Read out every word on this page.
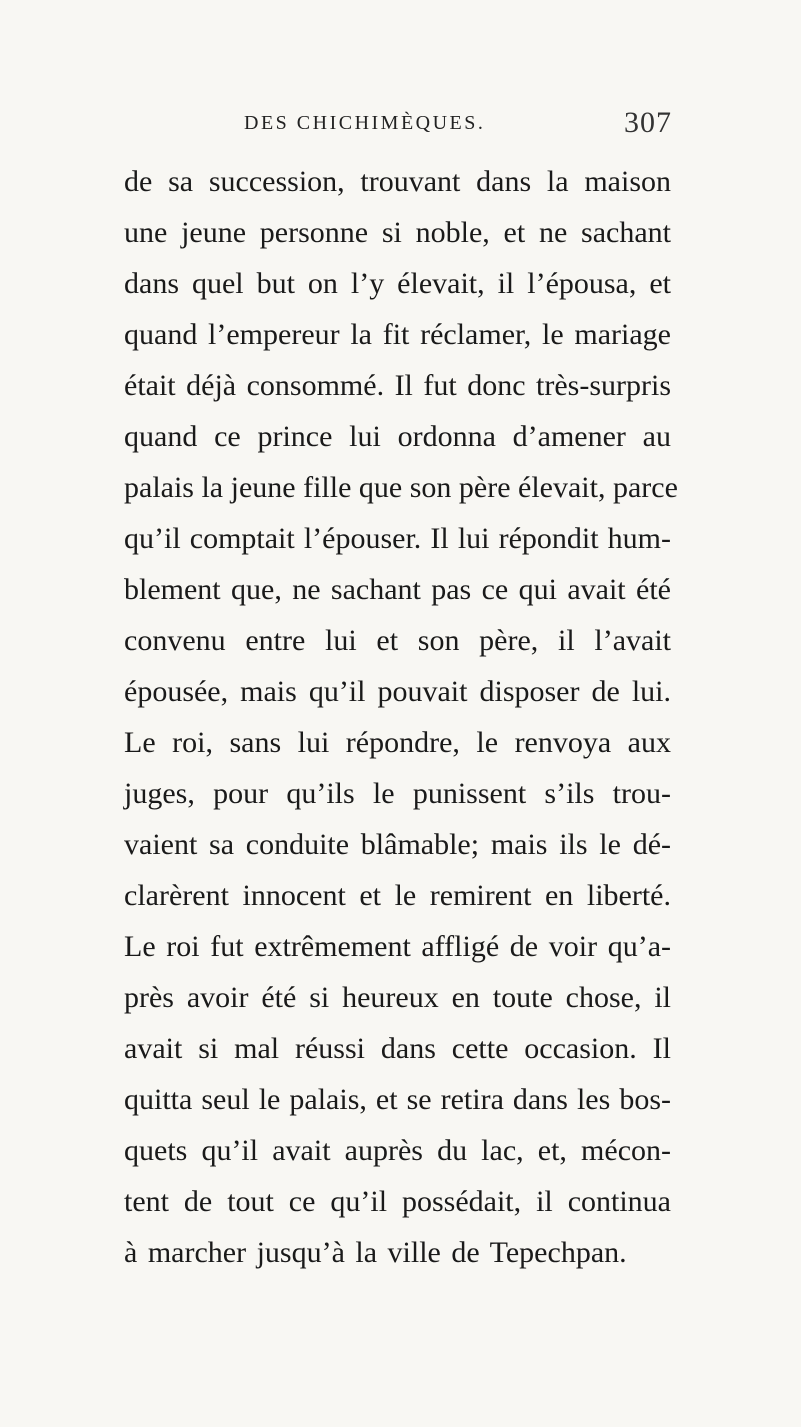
DES CHICHIMÈQUES.	307
de sa succession, trouvant dans la maison
une jeune personne si noble, et ne sachant
dans quel but on l’y élevait, il l’épousa, et
quand l’empereur la fit réclamer, le mariage
était déjà consommé. Il fut donc très-surpris
quand ce prince lui ordonna d’amener au
palais la jeune fille que son père élevait, parce
qu’il comptait l’épouser. Il lui répondit hum-
blement que, ne sachant pas ce qui avait été
convenu entre lui et son père, il l’avait
épousée, mais qu’il pouvait disposer de lui.
Le roi, sans lui répondre, le renvoya aux
juges, pour qu’ils le punissent s’ils trou-
vaient sa conduite blâmable; mais ils le dé-
clarèrent innocent et le remirent en liberté.
Le roi fut extrêmement affligé de voir qu’a-
près avoir été si heureux en toute chose, il
avait si mal réussi dans cette occasion. Il
quitta seul le palais, et se retira dans les bos-
quets qu’il avait auprès du lac, et, mécon-
tent de tout ce qu’il possédait, il continua
à marcher jusqu’à la ville de Tepechpan.
